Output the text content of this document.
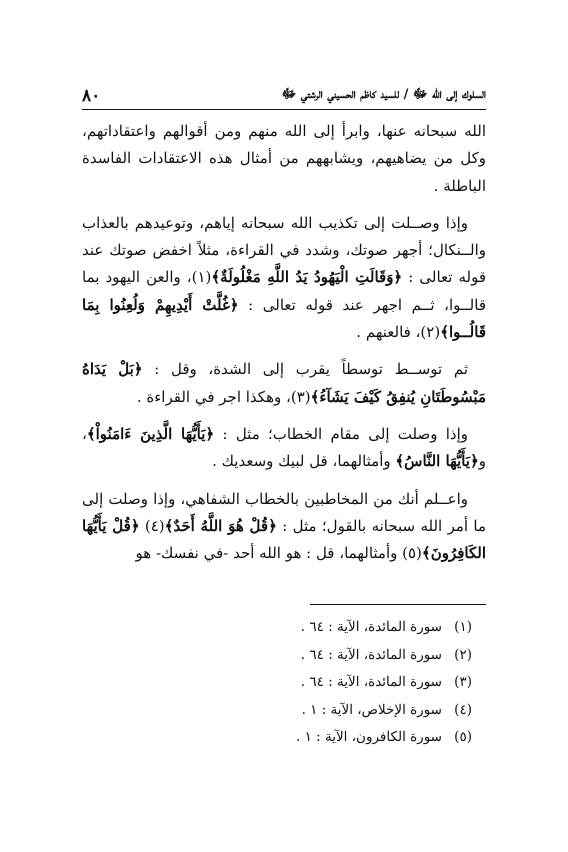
السلوك إلى الله ﷻ / للسيد كاظم الحسيني الرشتي ﷻ
٨٠

الله سبحانه عنها، وابرأ إلى الله منهم ومن أقوالهم واعتقاداتهم، وكل من يضاهيهم، ويشابههم من أمثال هذه الاعتقادات الفاسدة الباطلة .

وإذا وصــلت إلى تكذيب الله سبحانه إياهم، وتوعيدهم بالعذاب والــنكال؛ أجهر صوتك، وشدد في القراءة، مثلاً اخفض صوتك عند قوله تعالى : ﴿وَقَالَتِ الْيَهُودُ يَدُ اللَّهِ مَغْلُولَةٌ﴾(١)، والعن اليهود بما قالــوا، ثــم اجهر عند قوله تعالى : ﴿غُلَّتْ أَيْدِيهِمْ وَلُعِنُوا بِمَا قَالُــوا﴾(٢)، فالعنهم .

ثم توســط توسطاً يقرب إلى الشدة، وقل : ﴿بَلْ يَدَاهُ مَبْسُوطَتَانِ يُنفِقُ كَيْفَ يَشَآءُ﴾(٣)، وهكذا اجر في القراءة .

وإذا وصلت إلى مقام الخطاب؛ مثل : ﴿يَأَيُّهَا الَّذِينَ ءَامَنُواْ﴾، و﴿يَأَيُّهَا النَّاسُ﴾ وأمثالهما، قل لبيك وسعديك .

واعــلم أنك من المخاطبين بالخطاب الشفاهي، وإذا وصلت إلى ما أمر الله سبحانه بالقول؛ مثل : ﴿قُلْ هُوَ اللَّهُ أَحَدٌ﴾(٤) ﴿قُلْ يَأَيُّهَا الكَافِرُونَ﴾(٥) وأمثالهما، قل : هو الله أحد -في نفسك- هو

(١)سورة المائدة، الآية : ٦٤ .
(٢)سورة المائدة، الآية : ٦٤ .
(٣)سورة المائدة، الآية : ٦٤ .
(٤)سورة الإخلاص، الآية : ١ .
(٥)سورة الكافرون، الآية : ١ .
